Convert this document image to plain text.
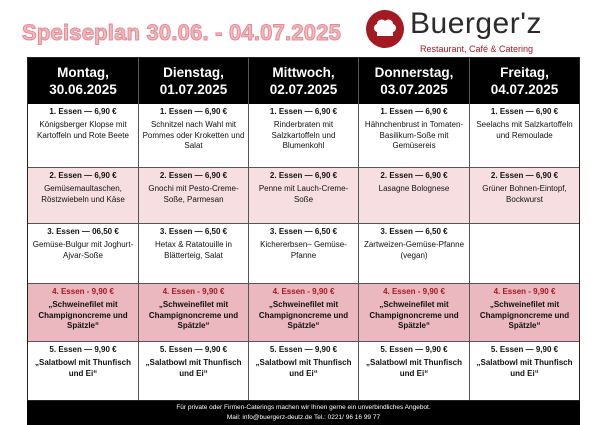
Speiseplan 30.06. - 04.07.2025 Buerger'z
Restaurant, Café & Catering
Montag,
30.06.2025
Dienstag,
01.07.2025
Mittwoch,
02.07.2025
Donnerstag,
03.07.2025
Freitag,
04.07.2025
1. Essen — 6,90 €
Königsberger Klopse mit Kartoffeln und Rote Beete
1. Essen — 6,90 €
Schnitzel nach Wahl mit Pommes oder Kroketten und Salat
1. Essen — 6,90 €
Rinderbraten mit Salzkartoffeln und Blumenkohl
1. Essen — 6,90 €
Hähnchenbrust in Tomaten-Basilikum-Soße mit Gemüsereis
1. Essen — 6,90 €
Seelachs mit Salzkartoffeln und Remoulade
2. Essen — 6,90 €
Gemüsemaultaschen, Röstzwiebeln und Käse
2. Essen — 6,90 €
Gnochi mit Pesto-Creme-Soße, Parmesan
2. Essen — 6,90 €
Penne mit Lauch-Creme-Soße
2. Essen — 6,90 €
Lasagne Bolognese
2. Essen — 6,90 €
Grüner Bohnen-Eintopf, Bockwurst
3. Essen — 06,50 €
Gemüse-Bulgur mit Joghurt-Ajvar-Soße
3. Essen — 6,50 €
Hetax & Ratatouille in Blätterteig, Salat
3. Essen — 6,50 €
Kichererbsen– Gemüse-Pfanne
3. Essen — 6,50 €
Zartweizen-Gemüse-Pfanne (vegan)
4. Essen - 9,90 €
„Schweinefilet mit Champignoncreme und Spätzle“
4. Essen - 9,90 €
„Schweinefilet mit Champignoncreme und Spätzle“
4. Essen - 9,90 €
„Schweinefilet mit Champignoncreme und Spätzle“
4. Essen - 9,90 €
„Schweinefilet mit Champignoncreme und Spätzle“
4. Essen - 9,90 €
„Schweinefilet mit Champignoncreme und Spätzle“
5. Essen — 9,90 €
„Salatbowl mit Thunfisch und Ei“
5. Essen — 9,90 €
„Salatbowl mit Thunfisch und Ei“
5. Essen — 9,90 €
„Salatbowl mit Thunfisch und Ei“
5. Essen — 9,90 €
„Salatbowl mit Thunfisch und Ei“
5. Essen — 9,90 €
„Salatbowl mit Thunfisch und Ei“
Für private oder Firmen-Caterings machen wir Ihnen gerne ein unverbindliches Angebot.
Mail: info@buergerz-deutz.de Tel.: 0221/ 96 16 99 77
